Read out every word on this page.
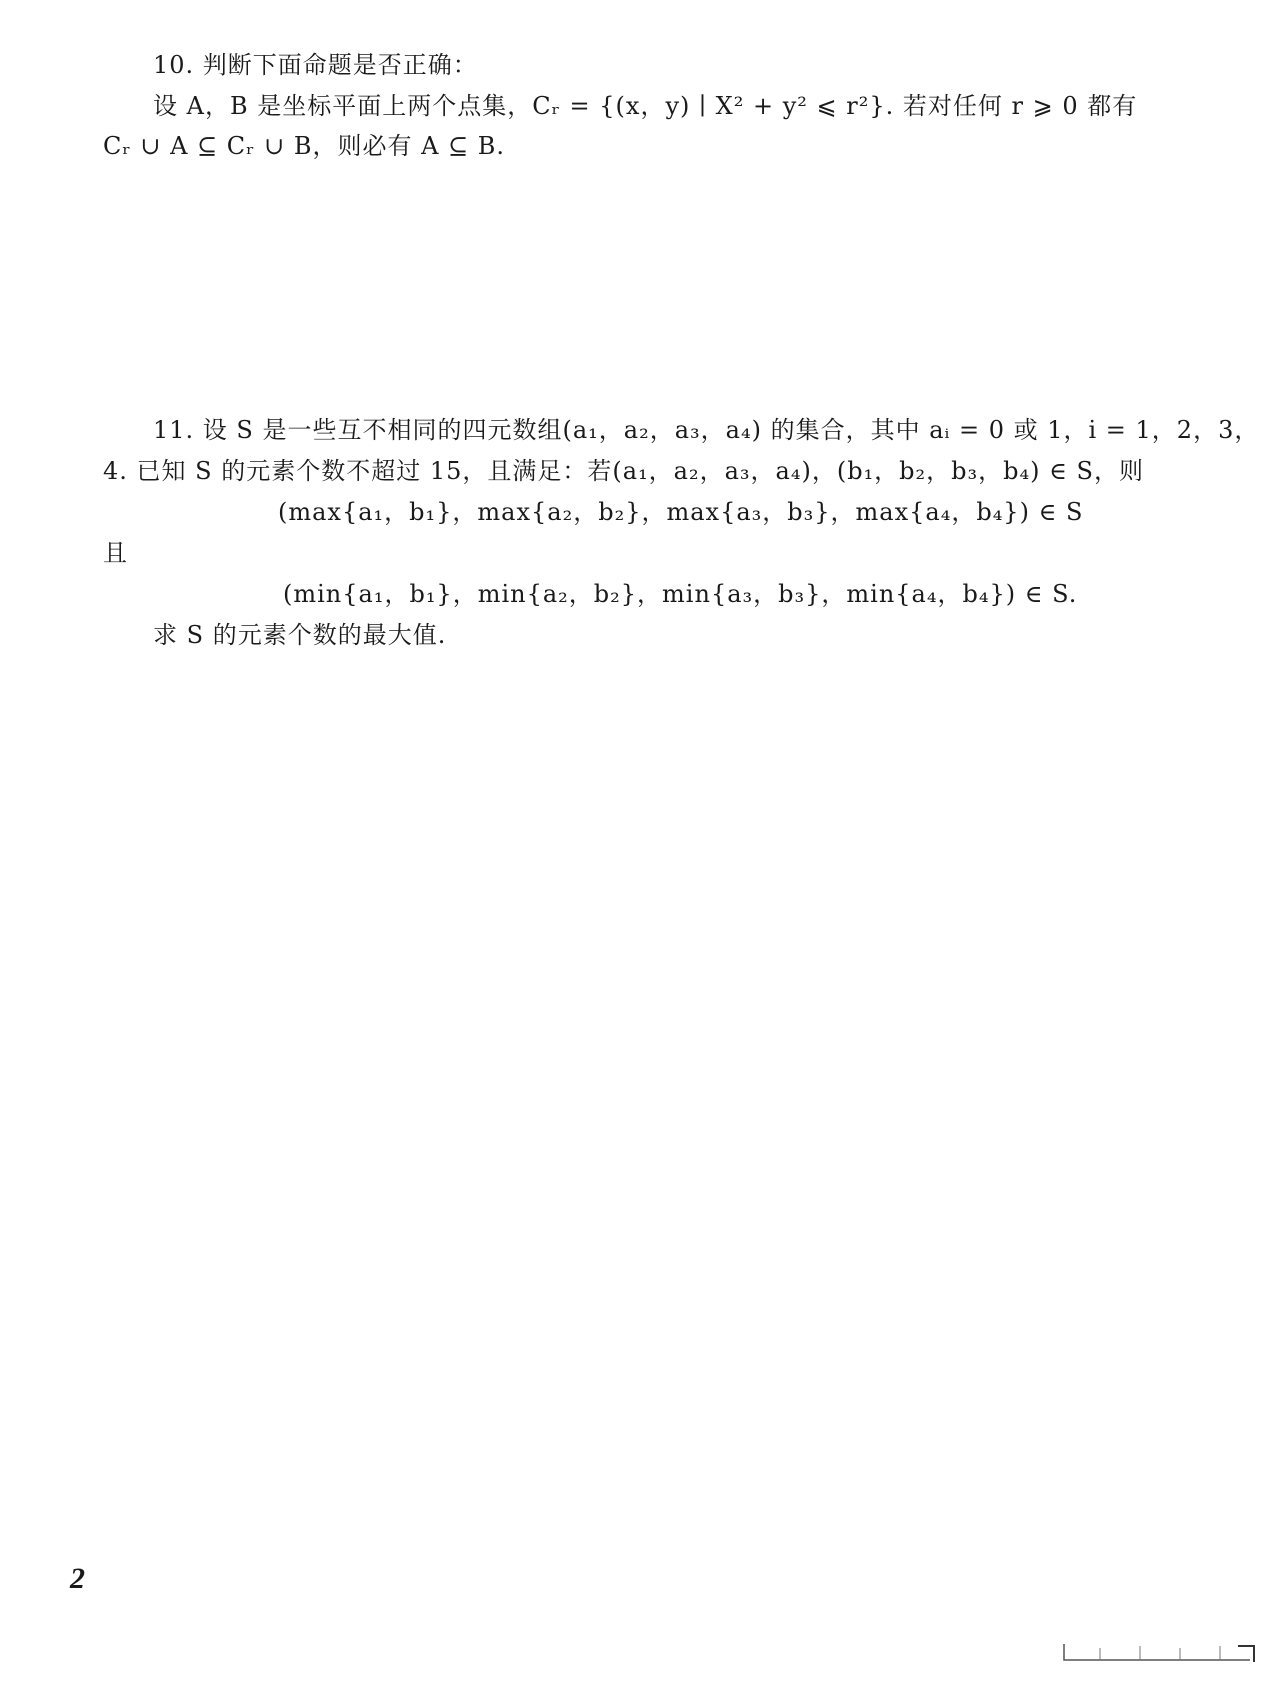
10. 判断下面命题是否正确：
设 A，B 是坐标平面上两个点集，Cᵣ = {(x，y) ∣ X² + y² ⩽ r²}. 若对任何 r ⩾ 0 都有
Cᵣ ∪ A ⊆ Cᵣ ∪ B，则必有 A ⊆ B.
11. 设 S 是一些互不相同的四元数组(a₁，a₂，a₃，a₄) 的集合，其中 aᵢ = 0 或 1，i = 1，2，3，
4. 已知 S 的元素个数不超过 15，且满足：若(a₁，a₂，a₃，a₄)，(b₁，b₂，b₃，b₄) ∈ S，则
(max{a₁，b₁}，max{a₂，b₂}，max{a₃，b₃}，max{a₄，b₄}) ∈ S
且
(min{a₁，b₁}，min{a₂，b₂}，min{a₃，b₃}，min{a₄，b₄}) ∈ S.
求 S 的元素个数的最大值.
2
